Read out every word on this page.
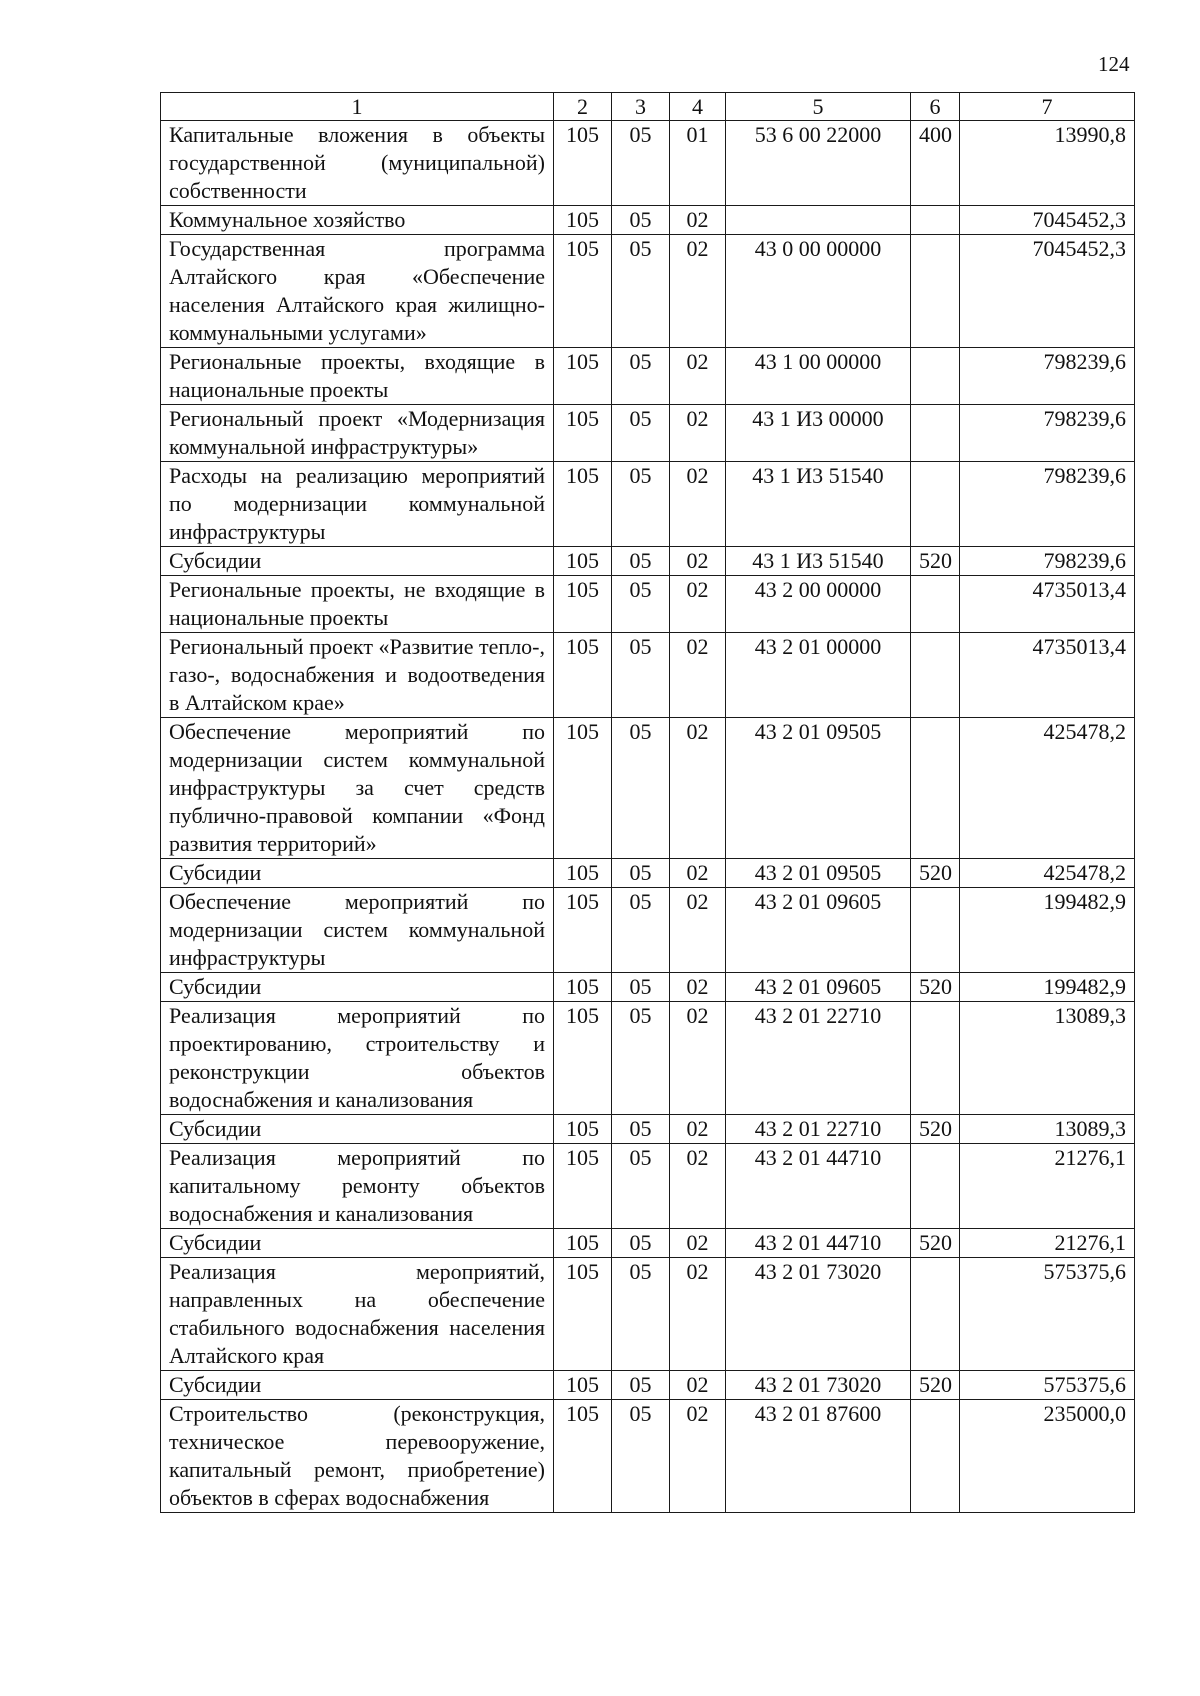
124
1	2	3	4	5	6	7
Капитальные вложения в объекты государственной (муниципальной) собственности	105	05	01	53 6 00 22000	400	13990,8
Коммунальное хозяйство	105	05	02			7045452,3
Государственная программа Алтайского края «Обеспечение населения Алтайского края жилищно-коммунальными услугами»	105	05	02	43 0 00 00000		7045452,3
Региональные проекты, входящие в национальные проекты	105	05	02	43 1 00 00000		798239,6
Региональный проект «Модернизация коммунальной инфраструктуры»	105	05	02	43 1 И3 00000		798239,6
Расходы на реализацию мероприятий по модернизации коммунальной инфраструктуры	105	05	02	43 1 И3 51540		798239,6
Субсидии	105	05	02	43 1 И3 51540	520	798239,6
Региональные проекты, не входящие в национальные проекты	105	05	02	43 2 00 00000		4735013,4
Региональный проект «Развитие тепло-, газо-, водоснабжения и водоотведения в Алтайском крае»	105	05	02	43 2 01 00000		4735013,4
Обеспечение мероприятий по модернизации систем коммунальной инфраструктуры за счет средств публично-правовой компании «Фонд развития территорий»	105	05	02	43 2 01 09505		425478,2
Субсидии	105	05	02	43 2 01 09505	520	425478,2
Обеспечение мероприятий по модернизации систем коммунальной инфраструктуры	105	05	02	43 2 01 09605		199482,9
Субсидии	105	05	02	43 2 01 09605	520	199482,9
Реализация мероприятий по проектированию, строительству и реконструкции объектов водоснабжения и канализования	105	05	02	43 2 01 22710		13089,3
Субсидии	105	05	02	43 2 01 22710	520	13089,3
Реализация мероприятий по капитальному ремонту объектов водоснабжения и канализования	105	05	02	43 2 01 44710		21276,1
Субсидии	105	05	02	43 2 01 44710	520	21276,1
Реализация мероприятий, направленных на обеспечение стабильного водоснабжения населения Алтайского края	105	05	02	43 2 01 73020		575375,6
Субсидии	105	05	02	43 2 01 73020	520	575375,6
Строительство (реконструкция, техническое перевооружение, капитальный ремонт, приобретение) объектов в сферах водоснабжения	105	05	02	43 2 01 87600		235000,0
